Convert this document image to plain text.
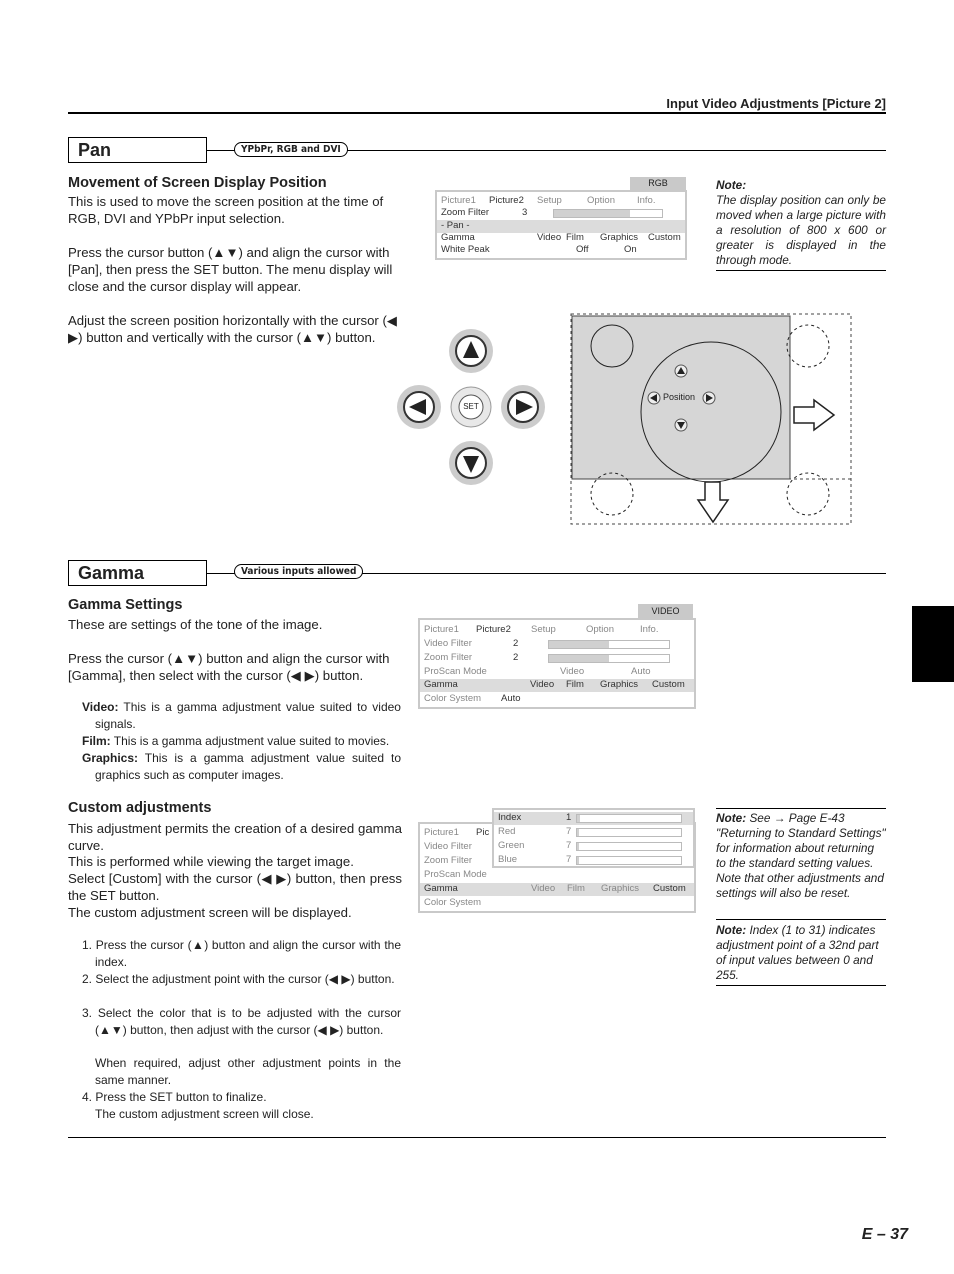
Input Video Adjustments [Picture 2]
Pan	YPbPr, RGB and DVI
Movement of Screen Display Position
This is used to move the screen position at the time of RGB, DVI and YPbPr input selection.
Press the cursor button (▲▼) and align the cursor with [Pan], then press the SET button. The menu display will close and the cursor display will appear.
Adjust the screen position horizontally with the cursor (◀ ▶) button and vertically with the cursor (▲▼) button.
RGB
Picture1 Picture2 Setup	Option Info.
Zoom Filter	3
- Pan -
Gamma	Video Film Graphics Custom
White Peak	Off	On
Note:
The display position can only be moved when a large picture with a resolution of 800 x 600 or greater is displayed in the through mode.
SET
Position
Gamma	Various inputs allowed
Gamma Settings
These are settings of the tone of the image.
Press the cursor (▲▼) button and align the cursor with [Gamma], then select with the cursor (◀ ▶) button.
Video: This is a gamma adjustment value suited to video signals.
Film: This is a gamma adjustment value suited to movies.
Graphics: This is a gamma adjustment value suited to graphics such as computer images.
VIDEO
Picture1 Picture2 Setup	Option	Info.
Video Filter	2
Zoom Filter	2
ProScan Mode	Video	Auto
Gamma	Video Film Graphics Custom
Color System Auto
Custom adjustments
This adjustment permits the creation of a desired gamma curve.
This is performed while viewing the target image.
Select [Custom] with the cursor (◀ ▶) button, then press the SET button.
The custom adjustment screen will be displayed.
1. Press the cursor (▲) button and align the cursor with the index.
2. Select the adjustment point with the cursor (◀ ▶) button.
3. Select the color that is to be adjusted with the cursor (▲▼) button, then adjust with the cursor (◀ ▶) button.
When required, adjust other adjustment points in the same manner.
4. Press the SET button to finalize.
The custom adjustment screen will close.
Picture1 Pic
Video Filter
Zoom Filter
ProScan Mode
Gamma	Video Film Graphics Custom
Color System
Index	1
Red	7
Green	7
Blue	7
Note: See → Page E-43 "Returning to Standard Settings" for information about returning to the standard setting values. Note that other adjustments and settings will also be reset.
Note: Index (1 to 31) indicates adjustment point of a 32nd part of input values between 0 and 255.
E – 37
